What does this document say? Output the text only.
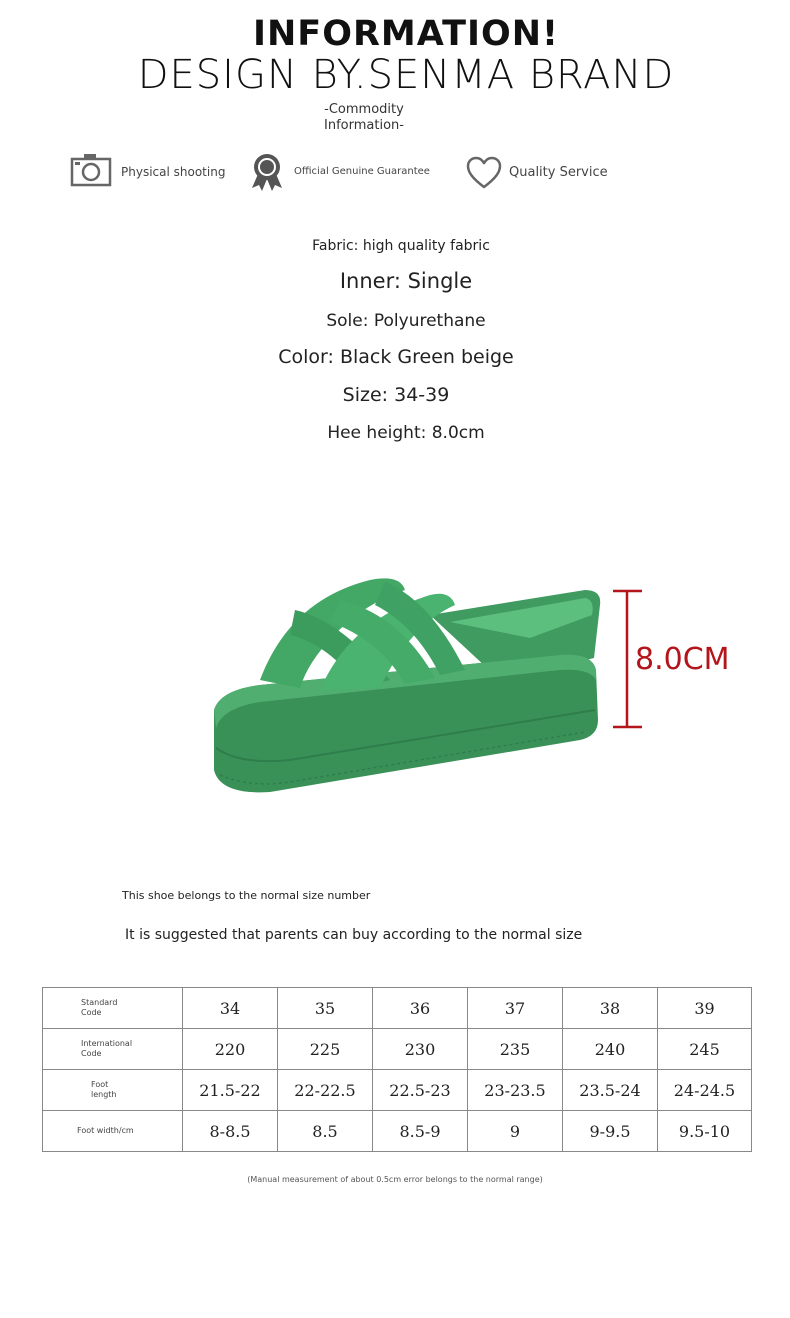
INFORMATION!
DESIGN BY.SENMA BRAND
-Commodity
Information-
Physical shooting	Official Genuine Guarantee	Quality Service
Fabric: high quality fabric
Inner: Single
Sole: Polyurethane
Color: Black Green beige
Size: 34-39
Hee height: 8.0cm
8.0CM
This shoe belongs to the normal size number
It is suggested that parents can buy according to the normal size
Standard
Code	34	35	36	37	38	39
International
Code	220	225	230	235	240	245
Foot
length	21.5-22	22-22.5	22.5-23	23-23.5	23.5-24	24-24.5
Foot width/cm	8-8.5	8.5	8.5-9	9	9-9.5	9.5-10
(Manual measurement of about 0.5cm error belongs to the normal range)
